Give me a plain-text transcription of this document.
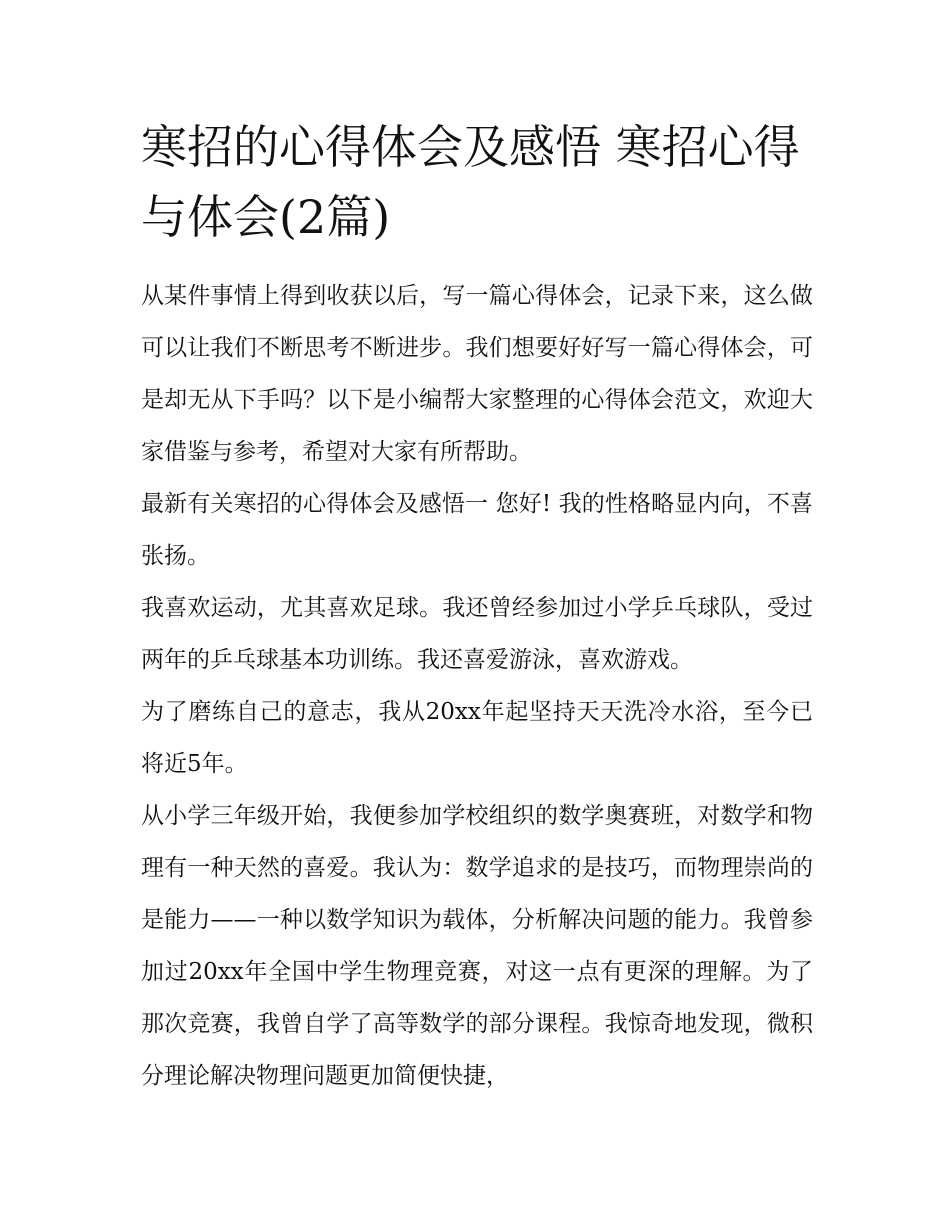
寒招的心得体会及感悟 寒招心得与体会(2篇)

从某件事情上得到收获以后，写一篇心得体会，记录下来，这么做可以让我们不断思考不断进步。我们想要好好写一篇心得体会，可是却无从下手吗？以下是小编帮大家整理的心得体会范文，欢迎大家借鉴与参考，希望对大家有所帮助。

最新有关寒招的心得体会及感悟一 您好! 我的性格略显内向，不喜张扬。

我喜欢运动，尤其喜欢足球。我还曾经参加过小学乒乓球队，受过两年的乒乓球基本功训练。我还喜爱游泳，喜欢游戏。

为了磨练自己的意志，我从20xx年起坚持天天洗冷水浴，至今已将近5年。

从小学三年级开始，我便参加学校组织的数学奥赛班，对数学和物理有一种天然的喜爱。我认为：数学追求的是技巧，而物理崇尚的是能力——一种以数学知识为载体，分析解决问题的能力。我曾参加过20xx年全国中学生物理竞赛，对这一点有更深的理解。为了那次竞赛，我曾自学了高等数学的部分课程。我惊奇地发现，微积分理论解决物理问题更加简便快捷，
